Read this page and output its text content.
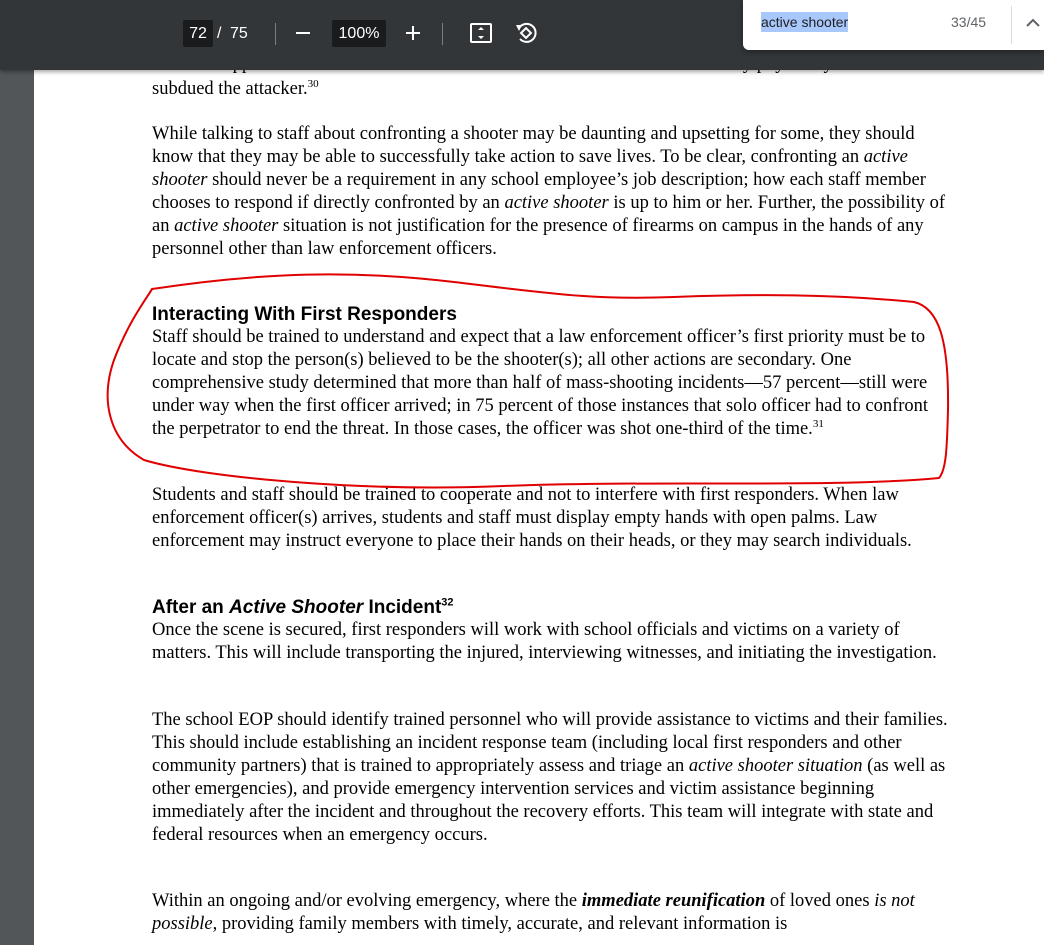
72 / 75	100%
active shooter	33/45

subdued the attacker.$^{30}$

While talking to staff about confronting a shooter may be daunting and upsetting for some, they should know that they may be able to successfully take action to save lives. To be clear, confronting an active shooter should never be a requirement in any school employee’s job description; how each staff member chooses to respond if directly confronted by an active shooter is up to him or her. Further, the possibility of an active shooter situation is not justification for the presence of firearms on campus in the hands of any personnel other than law enforcement officers.

Interacting With First Responders

Staff should be trained to understand and expect that a law enforcement officer’s first priority must be to locate and stop the person(s) believed to be the shooter(s); all other actions are secondary. One comprehensive study determined that more than half of mass-shooting incidents—57 percent—still were under way when the first officer arrived; in 75 percent of those instances that solo officer had to confront the perpetrator to end the threat. In those cases, the officer was shot one-third of the time.$^{31}$

Students and staff should be trained to cooperate and not to interfere with first responders. When law enforcement officer(s) arrives, students and staff must display empty hands with open palms. Law enforcement may instruct everyone to place their hands on their heads, or they may search individuals.

After an Active Shooter Incident$^{32}$

Once the scene is secured, first responders will work with school officials and victims on a variety of matters. This will include transporting the injured, interviewing witnesses, and initiating the investigation.

The school EOP should identify trained personnel who will provide assistance to victims and their families. This should include establishing an incident response team (including local first responders and other community partners) that is trained to appropriately assess and triage an active shooter situation (as well as other emergencies), and provide emergency intervention services and victim assistance beginning immediately after the incident and throughout the recovery efforts. This team will integrate with state and federal resources when an emergency occurs.

Within an ongoing and/or evolving emergency, where the immediate reunification of loved ones is not possible, providing family members with timely, accurate, and relevant information is
